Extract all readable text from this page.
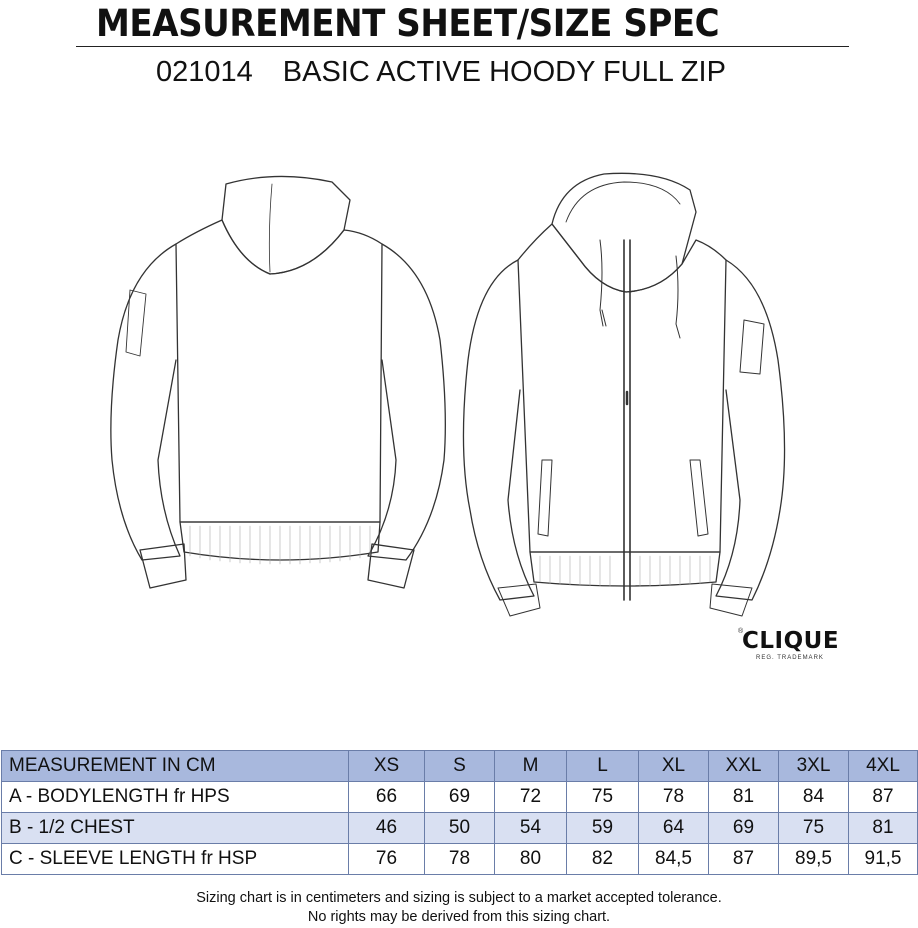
MEASUREMENT SHEET/SIZE SPEC
021014 BASIC ACTIVE HOODY FULL ZIP
®
CLIQUE
REG. TRADEMARK
MEASUREMENT IN CM	XS	S	M	L	XL	XXL	3XL	4XL
A - BODYLENGTH fr HPS	66	69	72	75	78	81	84	87
B - 1/2 CHEST	46	50	54	59	64	69	75	81
C - SLEEVE LENGTH fr HSP	76	78	80	82	84,5	87	89,5	91,5
Sizing chart is in centimeters and sizing is subject to a market accepted tolerance.
No rights may be derived from this sizing chart.
